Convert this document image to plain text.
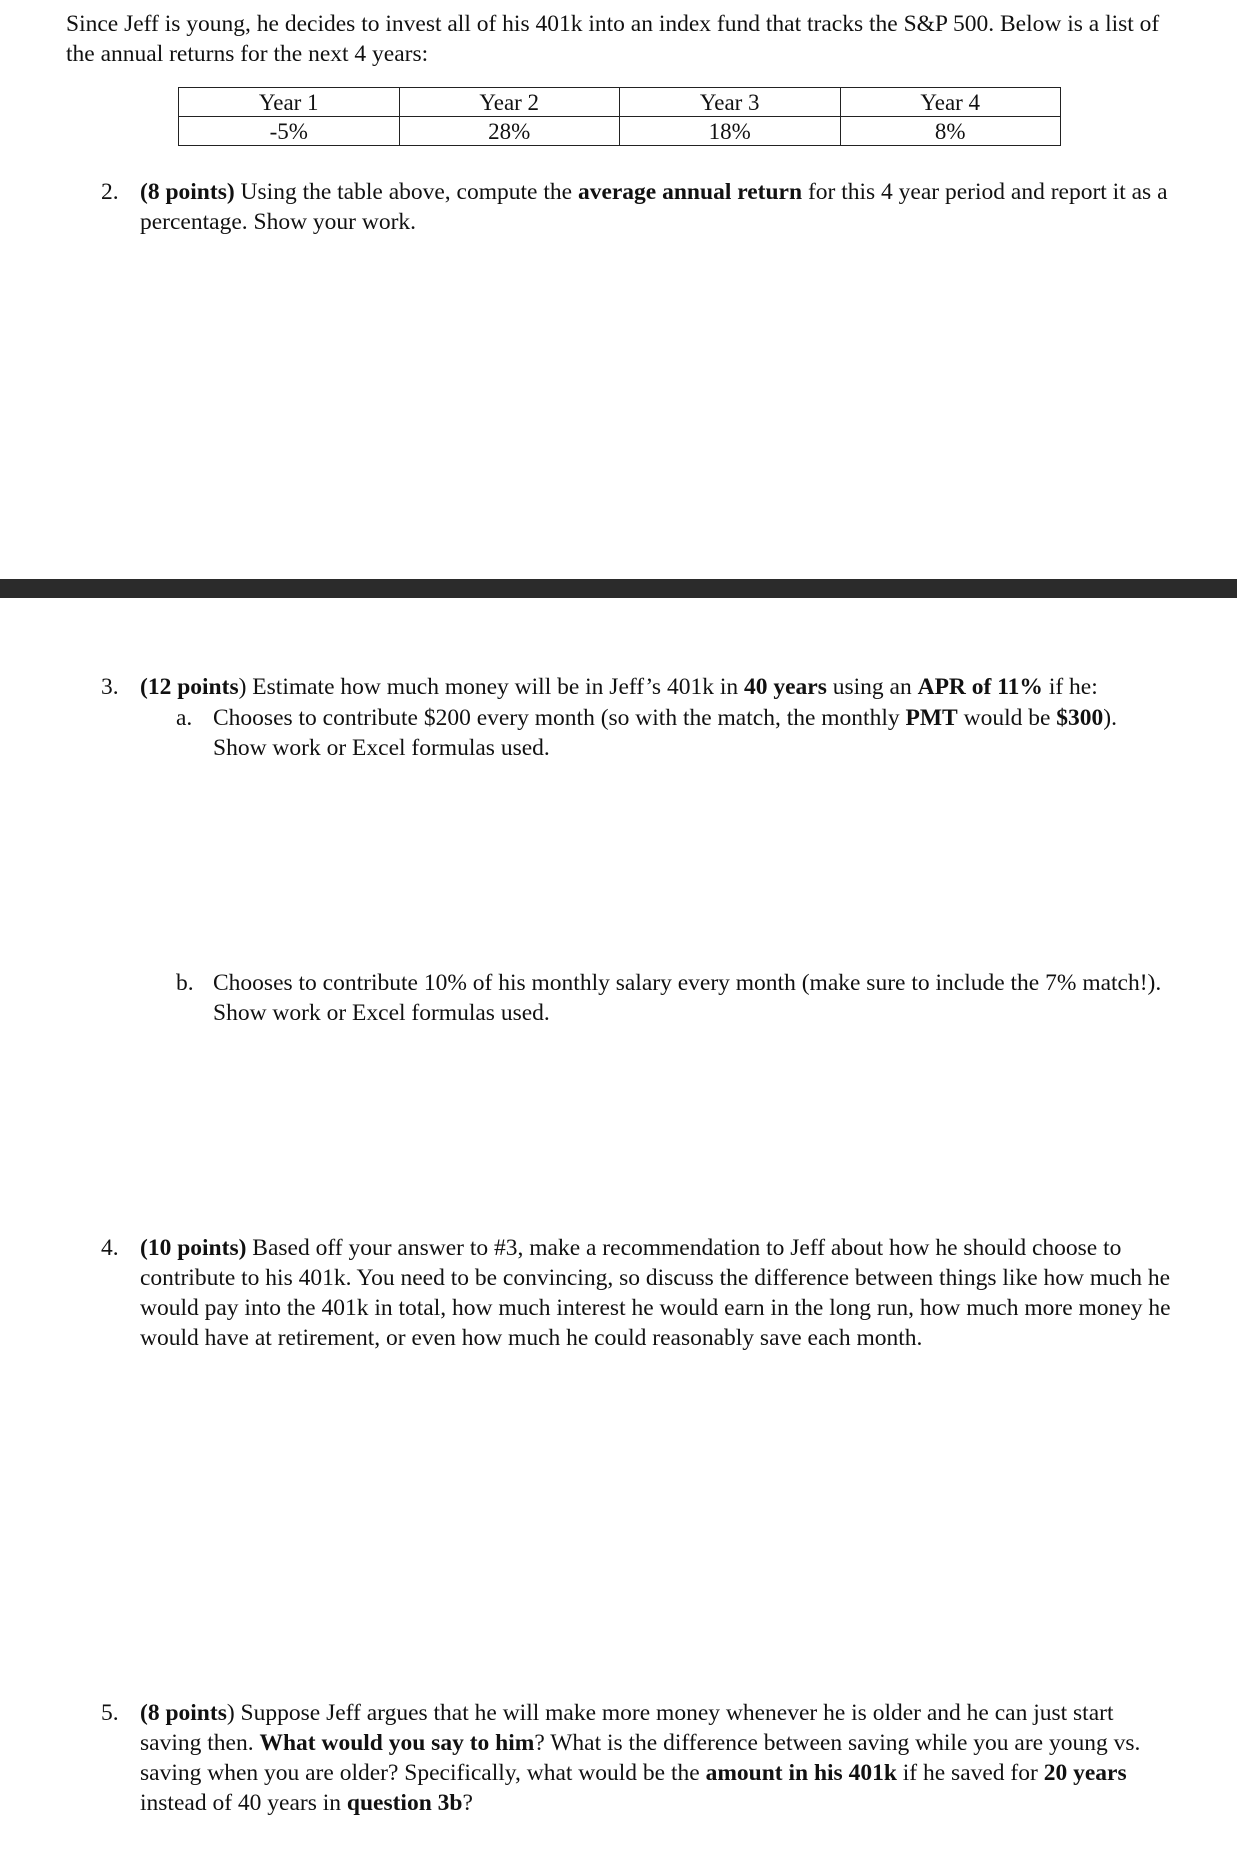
Since Jeff is young, he decides to invest all of his 401k into an index fund that tracks the S&P 500. Below is a list of the annual returns for the next 4 years:
Year 1	Year 2	Year 3	Year 4
-5%	28%	18%	8%
2. (8 points) Using the table above, compute the average annual return for this 4 year period and report it as a percentage. Show your work.
3. (12 points) Estimate how much money will be in Jeff’s 401k in 40 years using an APR of 11% if he:
a. Chooses to contribute $200 every month (so with the match, the monthly PMT would be $300). Show work or Excel formulas used.
b. Chooses to contribute 10% of his monthly salary every month (make sure to include the 7% match!). Show work or Excel formulas used.
4. (10 points) Based off your answer to #3, make a recommendation to Jeff about how he should choose to contribute to his 401k. You need to be convincing, so discuss the difference between things like how much he would pay into the 401k in total, how much interest he would earn in the long run, how much more money he would have at retirement, or even how much he could reasonably save each month.
5. (8 points) Suppose Jeff argues that he will make more money whenever he is older and he can just start saving then. What would you say to him? What is the difference between saving while you are young vs. saving when you are older? Specifically, what would be the amount in his 401k if he saved for 20 years instead of 40 years in question 3b?
